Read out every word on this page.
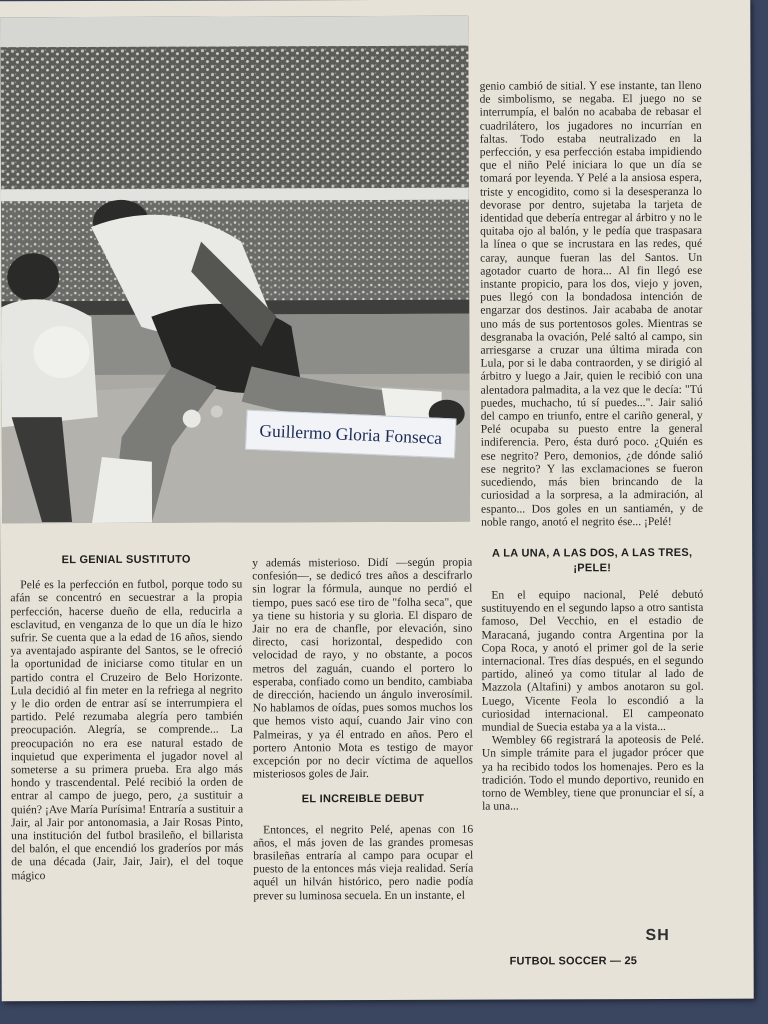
Guillermo Gloria Fonseca
EL GENIAL SUSTITUTO

Pelé es la perfección en futbol, porque todo su afán se concentró en secuestrar a la propia perfección, hacerse dueño de ella, reducirla a esclavitud, en venganza de lo que un día le hizo sufrir. Se cuenta que a la edad de 16 años, siendo ya aventajado aspirante del Santos, se le ofreció la oportunidad de iniciarse como titular en un partido contra el Cruzeiro de Belo Horizonte. Lula decidió al fin meter en la refriega al negrito y le dio orden de entrar así se interrumpiera el partido. Pelé rezumaba alegría pero también preocupación. Alegría, se comprende... La preocupación no era ese natural estado de inquietud que experimenta el jugador novel al someterse a su primera prueba. Era algo más hondo y trascendental. Pelé recibió la orden de entrar al campo de juego, pero, ¿a sustituir a quién? ¡Ave María Purísima! Entraría a sustituir a Jair, al Jair por antonomasia, a Jair Rosas Pinto, una institución del futbol brasileño, el billarista del balón, el que encendió los graderíos por más de una década (Jair, Jair, Jair), el del toque mágico

y además misterioso. Didí —según propia confesión—, se dedicó tres años a descifrarlo sin lograr la fórmula, aunque no perdió el tiempo, pues sacó ese tiro de "folha seca", que ya tiene su historia y su gloria. El disparo de Jair no era de chanfle, por elevación, sino directo, casi horizontal, despedido con velocidad de rayo, y no obstante, a pocos metros del zaguán, cuando el portero lo esperaba, confiado como un bendito, cambiaba de dirección, haciendo un ángulo inverosímil. No hablamos de oídas, pues somos muchos los que hemos visto aquí, cuando Jair vino con Palmeiras, y ya él entrado en años. Pero el portero Antonio Mota es testigo de mayor excepción por no decir víctima de aquellos misteriosos goles de Jair.

EL INCREIBLE DEBUT

Entonces, el negrito Pelé, apenas con 16 años, el más joven de las grandes promesas brasileñas entraría al campo para ocupar el puesto de la entonces más vieja realidad. Sería aquél un hilván histórico, pero nadie podía prever su luminosa secuela. En un instante, el

genio cambió de sitial. Y ese instante, tan lleno de simbolismo, se negaba. El juego no se interrumpía, el balón no acababa de rebasar el cuadrilátero, los jugadores no incurrían en faltas. Todo estaba neutralizado en la perfección, y esa perfección estaba impidiendo que el niño Pelé iniciara lo que un día se tomará por leyenda. Y Pelé a la ansiosa espera, triste y encogidito, como si la desesperanza lo devorase por dentro, sujetaba la tarjeta de identidad que debería entregar al árbitro y no le quitaba ojo al balón, y le pedía que traspasara la línea o que se incrustara en las redes, qué caray, aunque fueran las del Santos. Un agotador cuarto de hora... Al fin llegó ese instante propicio, para los dos, viejo y joven, pues llegó con la bondadosa intención de engarzar dos destinos. Jair acababa de anotar uno más de sus portentosos goles. Mientras se desgranaba la ovación, Pelé saltó al campo, sin arriesgarse a cruzar una última mirada con Lula, por si le daba contraorden, y se dirigió al árbitro y luego a Jair, quien le recibió con una alentadora palmadita, a la vez que le decía: "Tú puedes, muchacho, tú sí puedes...". Jair salió del campo en triunfo, entre el cariño general, y Pelé ocupaba su puesto entre la general indiferencia. Pero, ésta duró poco. ¿Quién es ese negrito? Pero, demonios, ¿de dónde salió ese negrito? Y las exclamaciones se fueron sucediendo, más bien brincando de la curiosidad a la sorpresa, a la admiración, al espanto... Dos goles en un santiamén, y de noble rango, anotó el negrito ése... ¡Pelé!

A LA UNA, A LAS DOS, A LAS TRES, ¡PELE!

En el equipo nacional, Pelé debutó sustituyendo en el segundo lapso a otro santista famoso, Del Vecchio, en el estadio de Maracaná, jugando contra Argentina por la Copa Roca, y anotó el primer gol de la serie internacional. Tres días después, en el segundo partido, alineó ya como titular al lado de Mazzola (Altafini) y ambos anotaron su gol. Luego, Vicente Feola lo escondió a la curiosidad internacional. El campeonato mundial de Suecia estaba ya a la vista...

Wembley 66 registrará la apoteosis de Pelé. Un simple trámite para el jugador prócer que ya ha recibido todos los homenajes. Pero es la tradición. Todo el mundo deportivo, reunido en torno de Wembley, tiene que pronunciar el sí, a la una...

SH
FUTBOL SOCCER — 25
